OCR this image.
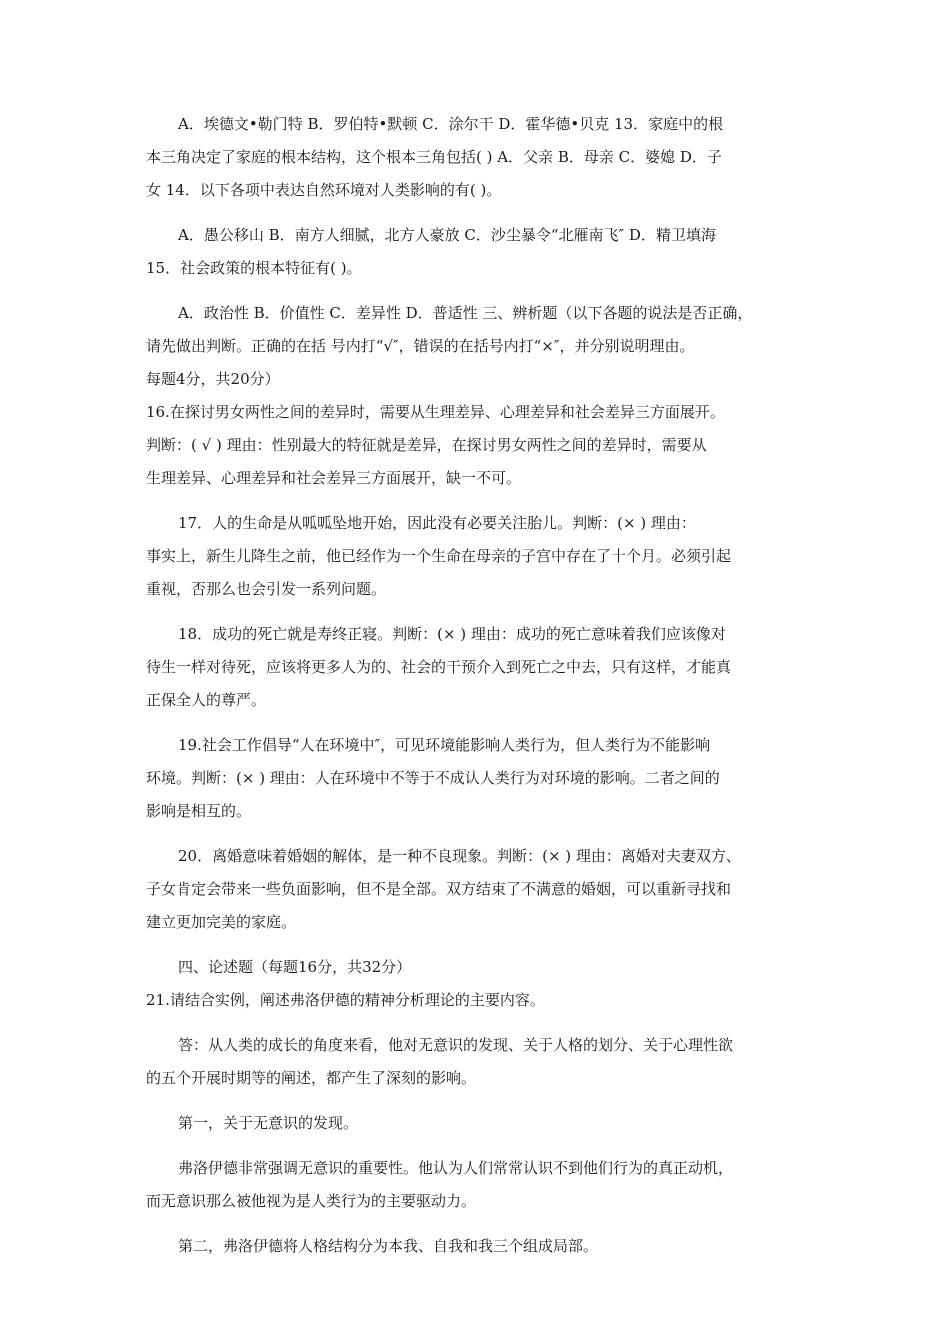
A．埃德文•勒门特 B．罗伯特•默顿 C．涂尔干 D．霍华德•贝克 13．家庭中的根
本三角决定了家庭的根本结构，这个根本三角包括( ) A．父亲 B．母亲 C．婆媳 D．子
女 14．以下各项中表达自然环境对人类影响的有( )。
A．愚公移山 B．南方人细腻，北方人豪放 C．沙尘暴令“北雁南飞″ D．精卫填海
15．社会政策的根本特征有( )。
A．政治性 B．价值性 C．差异性 D．普适性 三、辨析题（以下各题的说法是否正确，
请先做出判断。正确的在括 号内打“√″，错误的在括号内打“×″，并分别说明理由。
每题4分，共20分）
16.在探讨男女两性之间的差异时，需要从生理差异、心理差异和社会差异三方面展开。
判断：( √ ) 理由：性别最大的特征就是差异，在探讨男女两性之间的差异时，需要从
生理差异、心理差异和社会差异三方面展开，缺一不可。
17．人的生命是从呱呱坠地开始，因此没有必要关注胎儿。判断：(× ) 理由：
事实上，新生儿降生之前，他已经作为一个生命在母亲的子宫中存在了十个月。必须引起
重视，否那么也会引发一系列问题。
18．成功的死亡就是寿终正寝。判断：(× ) 理由：成功的死亡意味着我们应该像对
待生一样对待死，应该将更多人为的、社会的干预介入到死亡之中去，只有这样，才能真
正保全人的尊严。
19.社会工作倡导“人在环境中″，可见环境能影响人类行为，但人类行为不能影响
环境。判断：(× ) 理由：人在环境中不等于不成认人类行为对环境的影响。二者之间的
影响是相互的。
20．离婚意味着婚姻的解体，是一种不良现象。判断：(× ) 理由：离婚对夫妻双方、
子女肯定会带来一些负面影响，但不是全部。双方结束了不满意的婚姻，可以重新寻找和
建立更加完美的家庭。
四、论述题（每题16分，共32分）
21.请结合实例，阐述弗洛伊德的精神分析理论的主要内容。
答：从人类的成长的角度来看，他对无意识的发现、关于人格的划分、关于心理性欲
的五个开展时期等的阐述，都产生了深刻的影响。
第一，关于无意识的发现。
弗洛伊德非常强调无意识的重要性。他认为人们常常认识不到他们行为的真正动机，
而无意识那么被他视为是人类行为的主要驱动力。
第二，弗洛伊德将人格结构分为本我、自我和我三个组成局部。
